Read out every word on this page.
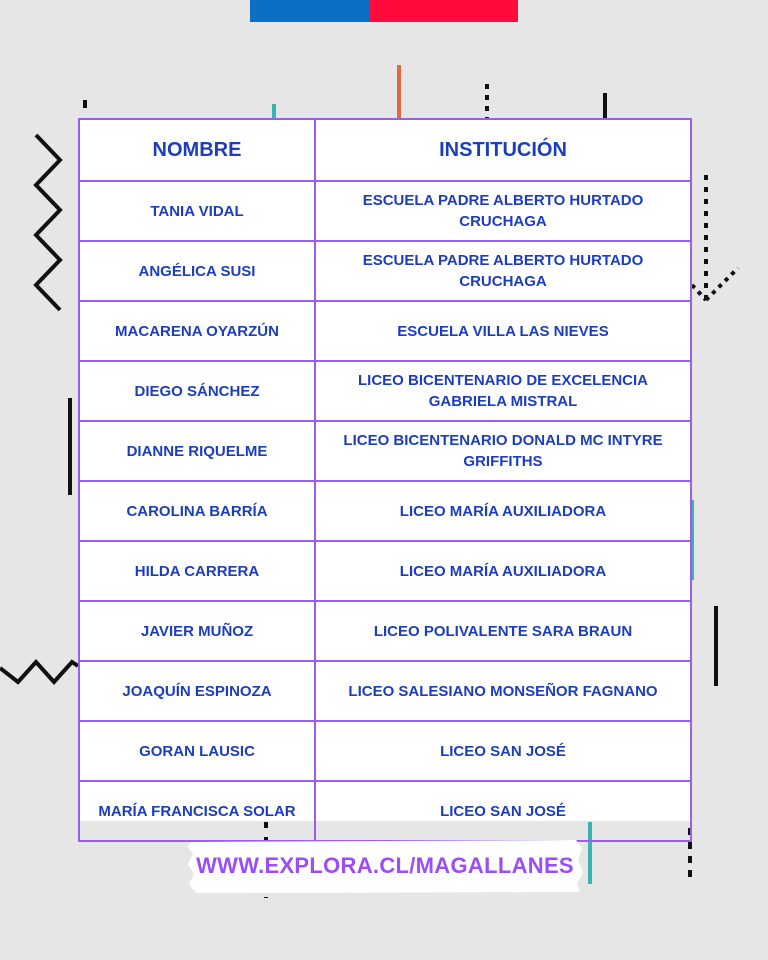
NOMBRE	INSTITUCIÓN
TANIA VIDAL	ESCUELA PADRE ALBERTO HURTADO CRUCHAGA
ANGÉLICA SUSI	ESCUELA PADRE ALBERTO HURTADO CRUCHAGA
MACARENA OYARZÚN	ESCUELA VILLA LAS NIEVES
DIEGO SÁNCHEZ	LICEO BICENTENARIO DE EXCELENCIA GABRIELA MISTRAL
DIANNE RIQUELME	LICEO BICENTENARIO DONALD MC INTYRE GRIFFITHS
CAROLINA BARRÍA	LICEO MARÍA AUXILIADORA
HILDA CARRERA	LICEO MARÍA AUXILIADORA
JAVIER MUÑOZ	LICEO POLIVALENTE SARA BRAUN
JOAQUÍN ESPINOZA	LICEO SALESIANO MONSEÑOR FAGNANO
GORAN LAUSIC	LICEO SAN JOSÉ
MARÍA FRANCISCA SOLAR	LICEO SAN JOSÉ
WWW.EXPLORA.CL/MAGALLANES
